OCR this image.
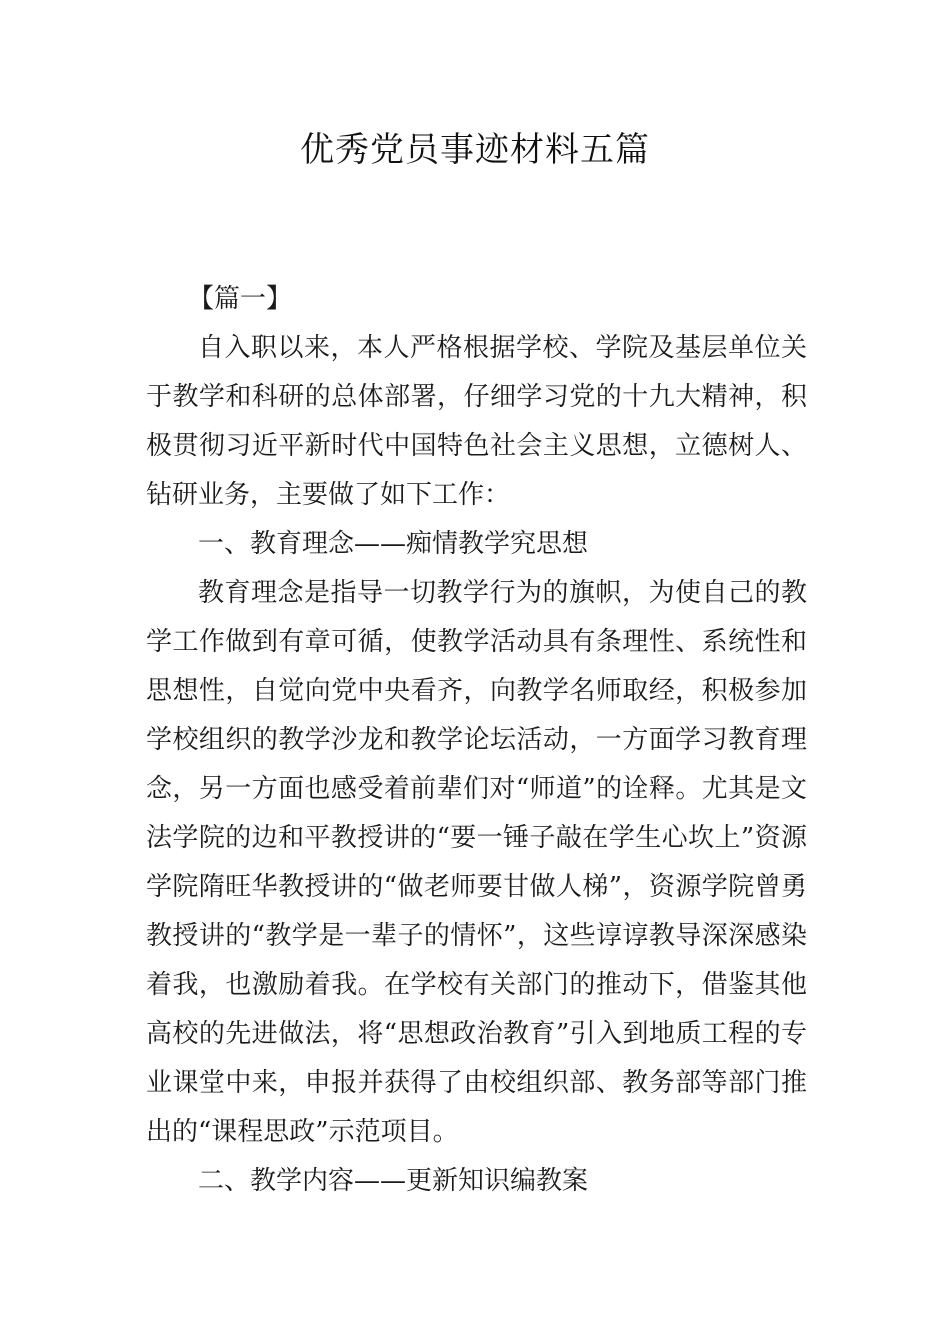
优秀党员事迹材料五篇

【篇一】

自入职以来，本人严格根据学校、学院及基层单位关于教学和科研的总体部署，仔细学习党的十九大精神，积极贯彻习近平新时代中国特色社会主义思想，立德树人、钻研业务，主要做了如下工作：

一、教育理念——痴情教学究思想

教育理念是指导一切教学行为的旗帜，为使自己的教学工作做到有章可循，使教学活动具有条理性、系统性和思想性，自觉向党中央看齐，向教学名师取经，积极参加学校组织的教学沙龙和教学论坛活动，一方面学习教育理念，另一方面也感受着前辈们对“师道”的诠释。尤其是文法学院的边和平教授讲的“要一锤子敲在学生心坎上”资源学院隋旺华教授讲的“做老师要甘做人梯”，资源学院曾勇教授讲的“教学是一辈子的情怀”，这些谆谆教导深深感染着我，也激励着我。在学校有关部门的推动下，借鉴其他高校的先进做法，将“思想政治教育”引入到地质工程的专业课堂中来，申报并获得了由校组织部、教务部等部门推出的“课程思政”示范项目。

二、教学内容——更新知识编教案
